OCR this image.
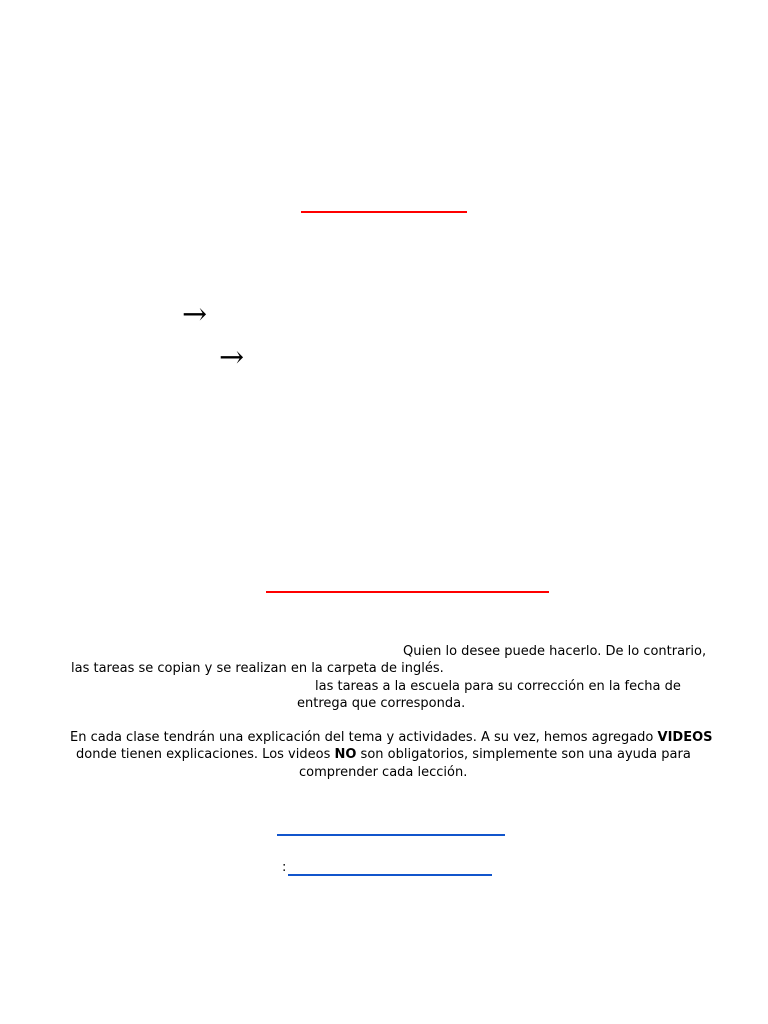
→
→
Quien lo desee puede hacerlo. De lo contrario,
las tareas se copian y se realizan en la carpeta de inglés.
las tareas a la escuela para su corrección en la fecha de
entrega que corresponda.
En cada clase tendrán una explicación del tema y actividades. A su vez, hemos agregado VIDEOS
donde tienen explicaciones. Los videos NO son obligatorios, simplemente son una ayuda para
comprender cada lección.
:
